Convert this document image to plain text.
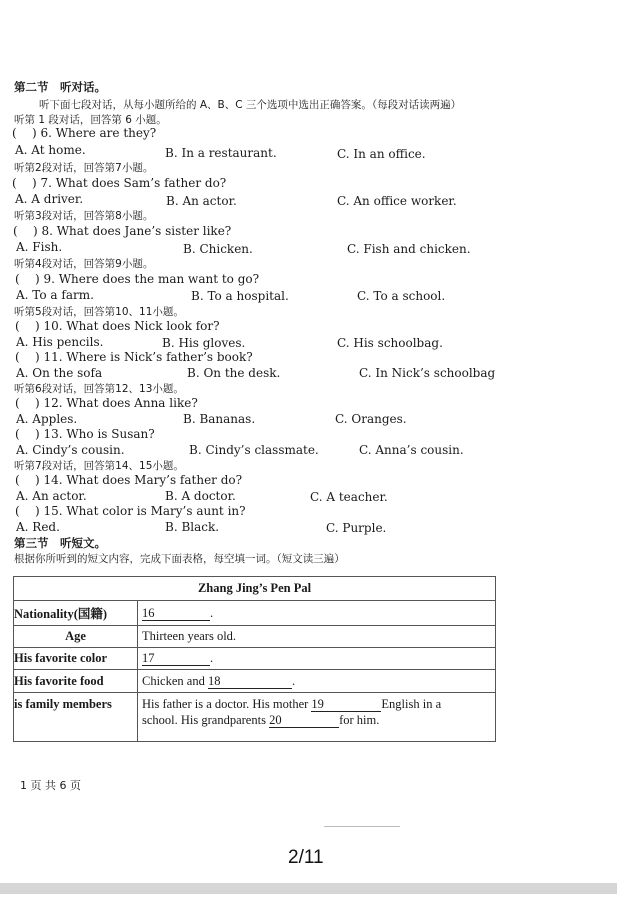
第二节　听对话。
听下面七段对话，从每小题所给的 A、B、C 三个选项中选出正确答案。（每段对话读两遍）
听第 1 段对话，回答第 6 小题。
( ) 6. Where are they?
A. At home.	B. In a restaurant.	C. In an office.
听第2段对话，回答第7小题。
( ) 7. What does Sam’s father do?
A. A driver.	B. An actor.	C. An office worker.
听第3段对话，回答第8小题。
( ) 8. What does Jane’s sister like?
A. Fish.	B. Chicken.	C. Fish and chicken.
听第4段对话，回答第9小题。
( ) 9. Where does the man want to go?
A. To a farm.	B. To a hospital.	C. To a school.
听第5段对话，回答第10、11小题。
( ) 10. What does Nick look for?
A. His pencils.	B. His gloves.	C. His schoolbag.
( ) 11. Where is Nick’s father’s book?
A. On the sofa	B. On the desk.	C. In Nick’s schoolbag
听第6段对话，回答第12、13小题。
( ) 12. What does Anna like?
A. Apples.	B. Bananas.	C. Oranges.
( ) 13. Who is Susan?
A. Cindy’s cousin.	B. Cindy’s classmate.	C. Anna’s cousin.
听第7段对话，回答第14、15小题。
( ) 14. What does Mary’s father do?
A. An actor.	B. A doctor.	C. A teacher.
( ) 15. What color is Mary’s aunt in?
A. Red.	B. Black.	C. Purple.
第三节　听短文。
根据你所听到的短文内容，完成下面表格，每空填一词。（短文读三遍）
Zhang Jing’s Pen Pal	
Nationality(国籍)	16 .
Age	Thirteen years old.
His favorite color	17 .
His favorite food	Chicken and 18 .
is family members	His father is a doctor. His mother 19 English in a
school. His grandparents 20 for him.
1 页 共 6 页
2/11
